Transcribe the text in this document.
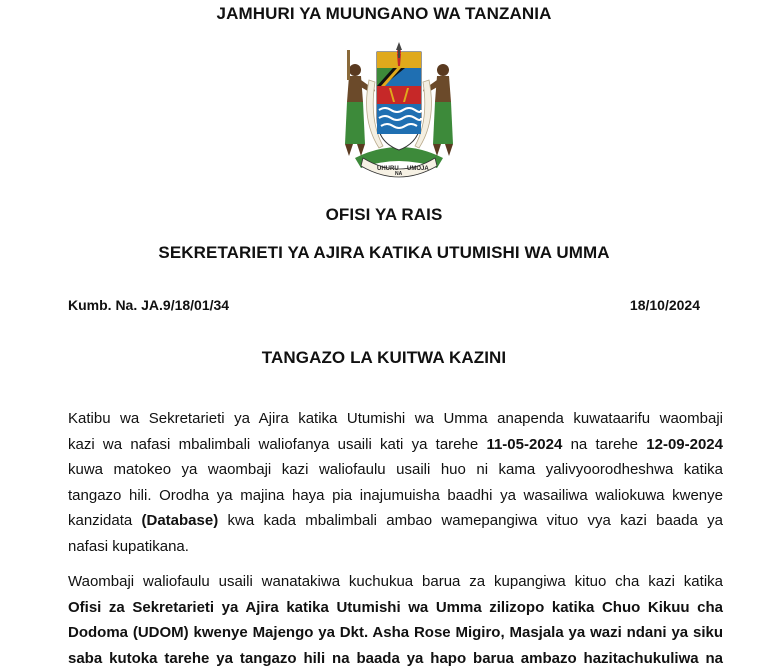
JAMHURI YA MUUNGANO WA TANZANIA
UHURU
NA
UMOJA
OFISI YA RAIS
SEKRETARIETI YA AJIRA KATIKA UTUMISHI WA UMMA
Kumb. Na. JA.9/18/01/34	18/10/2024
TANGAZO LA KUITWA KAZINI
Katibu wa Sekretarieti ya Ajira katika Utumishi wa Umma anapenda kuwataarifu waombaji
kazi wa nafasi mbalimbali waliofanya usaili kati ya tarehe 11-05-2024 na tarehe 12-09-2024
kuwa matokeo ya waombaji kazi waliofaulu usaili huo ni kama yalivyoorodheshwa katika
tangazo hili. Orodha ya majina haya pia inajumuisha baadhi ya wasailiwa waliokuwa kwenye
kanzidata (Database) kwa kada mbalimbali ambao wamepangiwa vituo vya kazi baada ya
nafasi kupatikana.
Waombaji waliofaulu usaili wanatakiwa kuchukua barua za kupangiwa kituo cha kazi katika
Ofisi za Sekretarieti ya Ajira katika Utumishi wa Umma zilizopo katika Chuo Kikuu cha
Dodoma (UDOM) kwenye Majengo ya Dkt. Asha Rose Migiro, Masjala ya wazi ndani ya siku
saba kutoka tarehe ya tangazo hili na baada ya hapo barua ambazo hazitachukuliwa na
